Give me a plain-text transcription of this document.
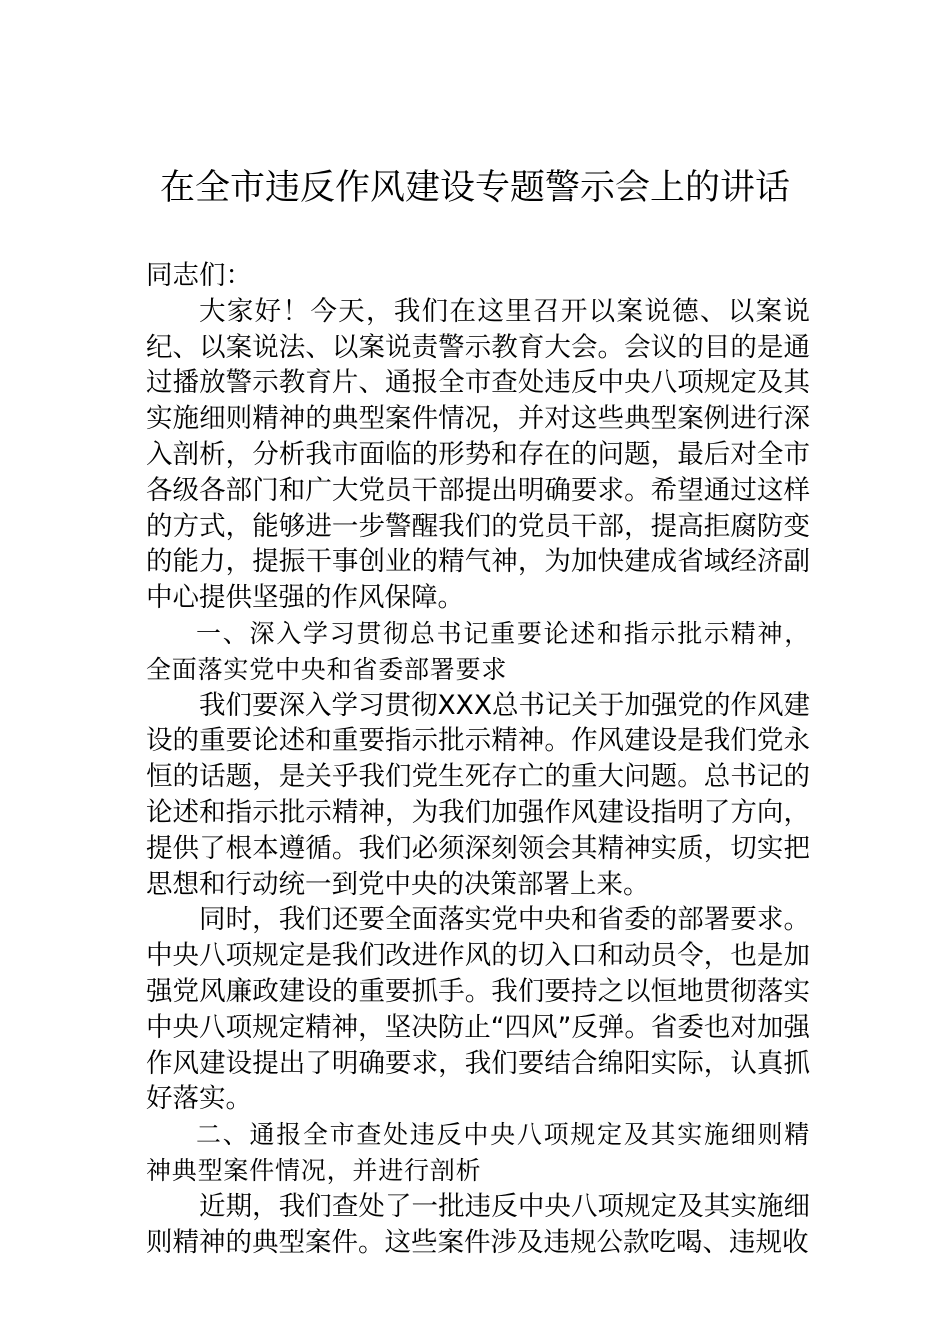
在全市违反作风建设专题警示会上的讲话

同志们：

大家好！今天，我们在这里召开以案说德、以案说纪、以案说法、以案说责警示教育大会。会议的目的是通过播放警示教育片、通报全市查处违反中央八项规定及其实施细则精神的典型案件情况，并对这些典型案例进行深入剖析，分析我市面临的形势和存在的问题，最后对全市各级各部门和广大党员干部提出明确要求。希望通过这样的方式，能够进一步警醒我们的党员干部，提高拒腐防变的能力，提振干事创业的精气神，为加快建成省域经济副中心提供坚强的作风保障。

一、深入学习贯彻总书记重要论述和指示批示精神，全面落实党中央和省委部署要求

我们要深入学习贯彻XXX总书记关于加强党的作风建设的重要论述和重要指示批示精神。作风建设是我们党永恒的话题，是关乎我们党生死存亡的重大问题。总书记的论述和指示批示精神，为我们加强作风建设指明了方向，提供了根本遵循。我们必须深刻领会其精神实质，切实把思想和行动统一到党中央的决策部署上来。

同时，我们还要全面落实党中央和省委的部署要求。中央八项规定是我们改进作风的切入口和动员令，也是加强党风廉政建设的重要抓手。我们要持之以恒地贯彻落实中央八项规定精神，坚决防止“四风”反弹。省委也对加强作风建设提出了明确要求，我们要结合绵阳实际，认真抓好落实。

二、通报全市查处违反中央八项规定及其实施细则精神典型案件情况，并进行剖析

近期，我们查处了一批违反中央八项规定及其实施细则精神的典型案件。这些案件涉及违规公款吃喝、违规收
